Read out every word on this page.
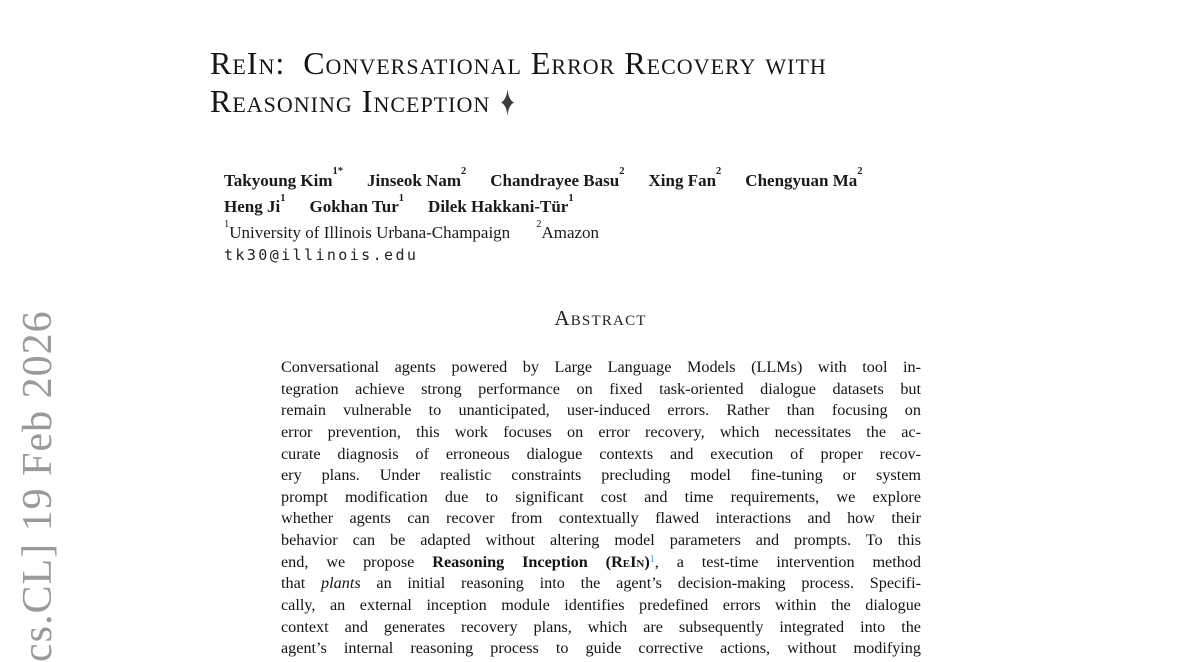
cs.CL] 19 Feb 2026
ReIn:  Conversational Error Recovery with
Reasoning Inception
Takyoung Kim$^{1*}$ Jinseok Nam$^2$ Chandrayee Basu$^2$ Xing Fan$^2$ Chengyuan Ma$^2$
Heng Ji$^1$ Gokhan Tur$^1$ Dilek Hakkani-Tür$^1$
$^1$University of Illinois Urbana-Champaign $^2$Amazon
tk30@illinois.edu
Abstract
Conversational agents powered by Large Language Models (LLMs) with tool in-
tegration achieve strong performance on fixed task-oriented dialogue datasets but
remain vulnerable to unanticipated, user-induced errors. Rather than focusing on
error prevention, this work focuses on error recovery, which necessitates the ac-
curate diagnosis of erroneous dialogue contexts and execution of proper recov-
ery plans. Under realistic constraints precluding model fine-tuning or system
prompt modification due to significant cost and time requirements, we explore
whether agents can recover from contextually flawed interactions and how their
behavior can be adapted without altering model parameters and prompts. To this
end, we propose Reasoning Inception (ReIn)$^1$, a test-time intervention method
that plants an initial reasoning into the agent’s decision-making process. Specifi-
cally, an external inception module identifies predefined errors within the dialogue
context and generates recovery plans, which are subsequently integrated into the
agent’s internal reasoning process to guide corrective actions, without modifying
